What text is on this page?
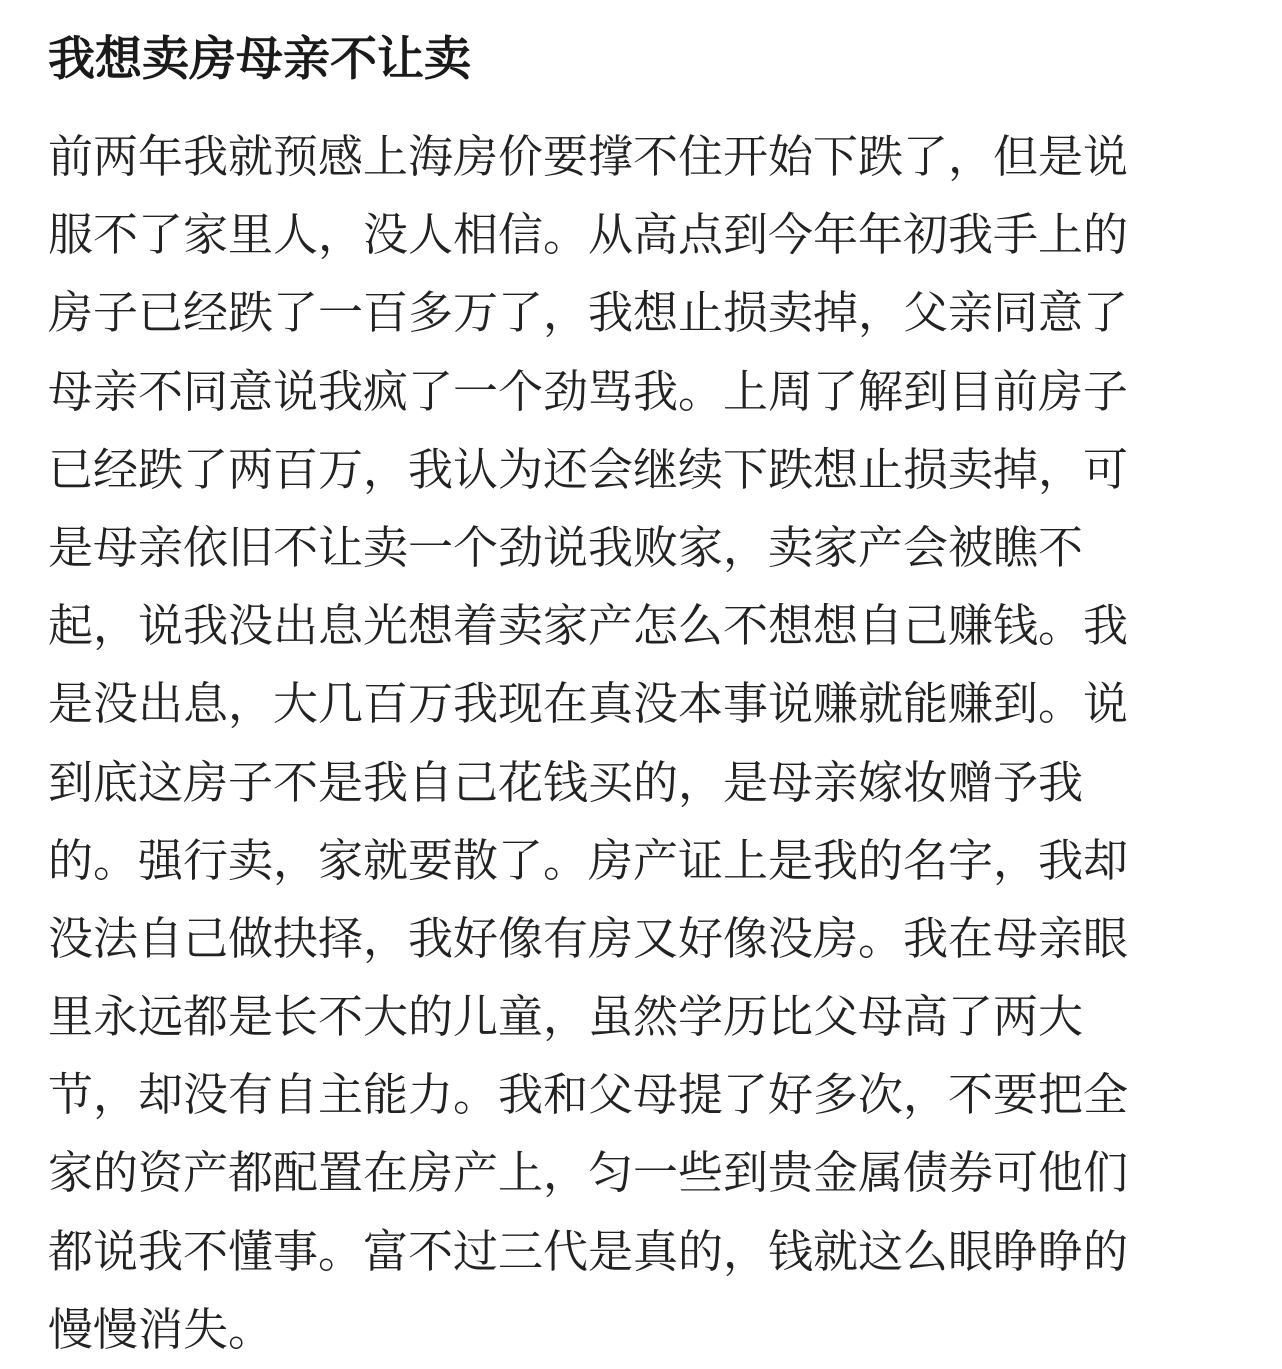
我想卖房母亲不让卖
前两年我就预感上海房价要撑不住开始下跌了，但是说
服不了家里人，没人相信。从高点到今年年初我手上的
房子已经跌了一百多万了，我想止损卖掉，父亲同意了
母亲不同意说我疯了一个劲骂我。上周了解到目前房子
已经跌了两百万，我认为还会继续下跌想止损卖掉，可
是母亲依旧不让卖一个劲说我败家，卖家产会被瞧不
起，说我没出息光想着卖家产怎么不想想自己赚钱。我
是没出息，大几百万我现在真没本事说赚就能赚到。说
到底这房子不是我自己花钱买的，是母亲嫁妆赠予我
的。强行卖，家就要散了。房产证上是我的名字，我却
没法自己做抉择，我好像有房又好像没房。我在母亲眼
里永远都是长不大的儿童，虽然学历比父母高了两大
节，却没有自主能力。我和父母提了好多次，不要把全
家的资产都配置在房产上，匀一些到贵金属债券可他们
都说我不懂事。富不过三代是真的，钱就这么眼睁睁的
慢慢消失。
